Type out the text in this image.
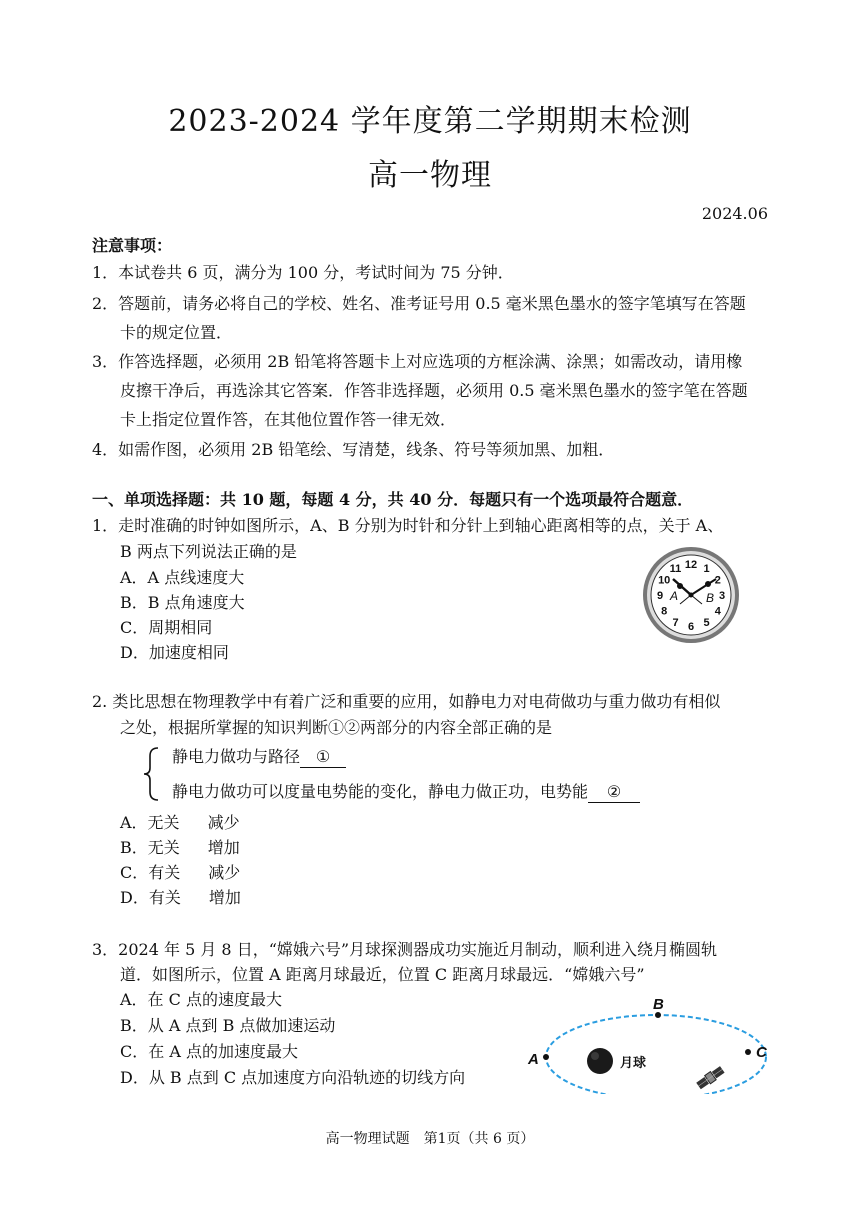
2023-2024 学年度第二学期期末检测
高一物理
2024.06
注意事项：
1．本试卷共 6 页，满分为 100 分，考试时间为 75 分钟．
2．答题前，请务必将自己的学校、姓名、准考证号用 0.5 毫米黑色墨水的签字笔填写在答题
卡的规定位置．
3．作答选择题，必须用 2B 铅笔将答题卡上对应选项的方框涂满、涂黑；如需改动，请用橡
皮擦干净后，再选涂其它答案．作答非选择题，必须用 0.5 毫米黑色墨水的签字笔在答题
卡上指定位置作答，在其他位置作答一律无效．
4．如需作图，必须用 2B 铅笔绘、写清楚，线条、符号等须加黑、加粗．
一、单项选择题：共 10 题，每题 4 分，共 40 分．每题只有一个选项最符合题意．
1．走时准确的时钟如图所示，A、B 分别为时针和分针上到轴心距离相等的点，关于 A、
B 两点下列说法正确的是
A．A 点线速度大
B．B 点角速度大
C．周期相同
D．加速度相同
12 1
2
3
4
5
6
7
8
9
10
11
A B
2. 类比思想在物理教学中有着广泛和重要的应用，如静电力对电荷做功与重力做功有相似
之处，根据所掌握的知识判断①②两部分的内容全部正确的是
静电力做功与路径 ①
静电力做功可以度量电势能的变化，静电力做正功，电势能 ②
A．无关 减少
B．无关 增加
C．有关 减少
D．有关 增加
3．2024 年 5 月 8 日，“嫦娥六号”月球探测器成功实施近月制动，顺利进入绕月椭圆轨
道．如图所示，位置 A 距离月球最近，位置 C 距离月球最远．“嫦娥六号”
A．在 C 点的速度最大
B．从 A 点到 B 点做加速运动
C．在 A 点的加速度最大
D．从 B 点到 C 点加速度方向沿轨迹的切线方向
A
B
C
月球
高一物理试题　第1页（共 6 页）
